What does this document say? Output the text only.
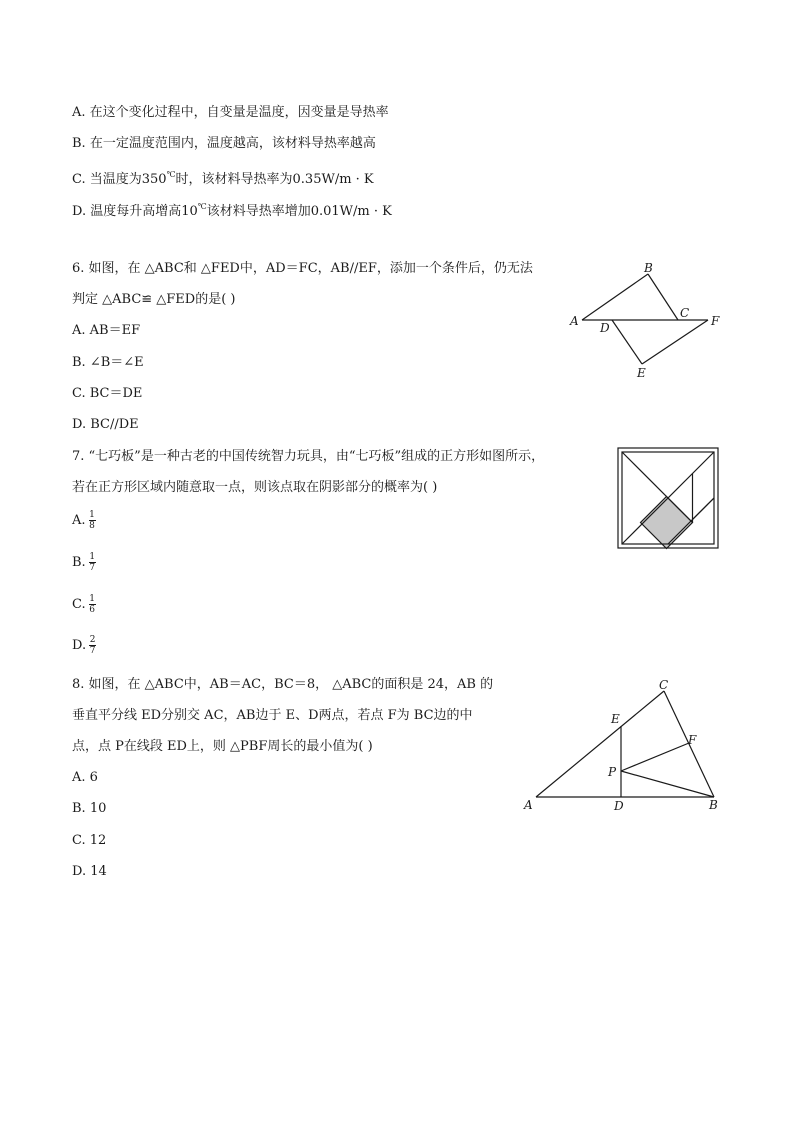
A. 在这个变化过程中，自变量是温度，因变量是导热率
B. 在一定温度范围内，温度越高，该材料导热率越高
C. 当温度为350℃时，该材料导热率为0.35W/m · K
D. 温度每升高增高10℃该材料导热率增加0.01W/m · K
6. 如图，在 △ABC和 △FED中，AD＝FC，AB//EF，添加一个条件后，仍无法
判定 △ABC≌ △FED的是( )
A. AB＝EF
B. ∠B＝∠E
C. BC＝DE
D. BC//DE
A
B
C
D
E
F
7. “七巧板”是一种古老的中国传统智力玩具，由“七巧板”组成的正方形如图所示，
若在正方形区域内随意取一点，则该点取在阴影部分的概率为( )
A. $\frac{1}{8}$
B. $\frac{1}{7}$
C. $\frac{1}{6}$
D. $\frac{2}{7}$
8. 如图，在 △ABC中，AB＝AC，BC＝8， △ABC的面积是 24，AB 的
垂直平分线 ED分别交 AC，AB边于 E、D两点，若点 F为 BC边的中
点，点 P在线段 ED上，则 △PBF周长的最小值为( )
A. 6
B. 10
C. 12
D. 14
C
E
F
P
A	D	B
